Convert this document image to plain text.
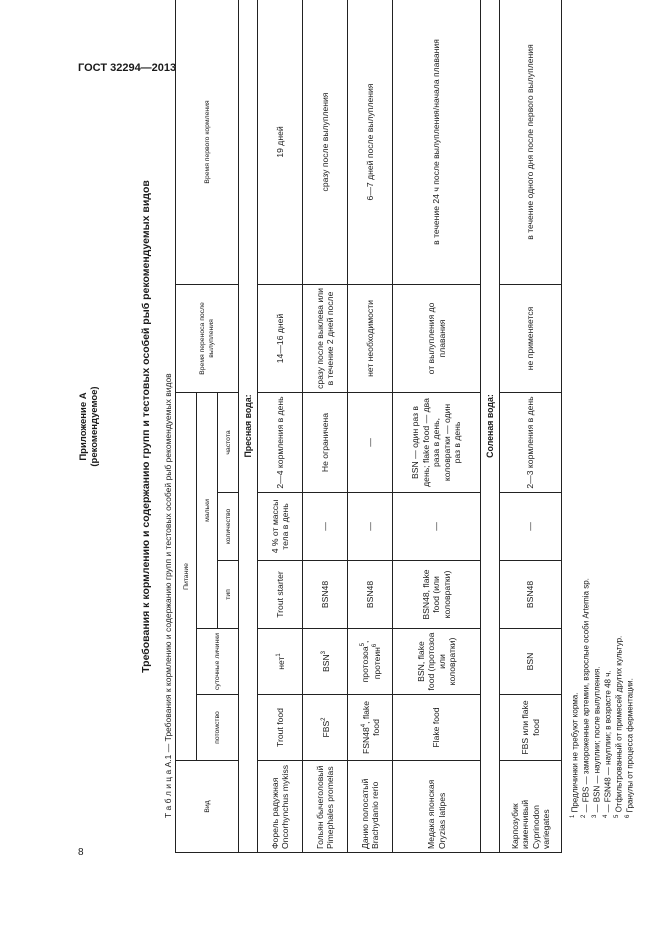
ГОСТ 32294—2013
Приложение А (рекомендуемое)	Требования к кормлению и содержанию групп и тестовых особей рыб рекомендуемых видов Т а б л и ц а А.1 — Требования к кормлению и содержанию групп и тестовых особей рыб рекомендуемых видов	Вид	Питание					Время переноса после вылупления	Время первого кормления
	потомство	суточные личинки	мальки				
			тип	количество	частота		
Пресная вода:							
Форель радужная Oncorhynchus mykiss	Trout food	нет$^1$	Trout starter	4 % от массы тела в день	2—4 кормления в день	14—16 дней	19 дней
Гольян бычеголовый Pimephales promelas	FBS$^2$	BSN$^3$	BSN48	—	Не ограничена	сразу после выклева или в течение 2 дней после	сразу после вылупления
Данио полосатый Brachydanio rerio	$FSN48^4$, flake food	протозоа$^5$, протеин$^6$	BSN48	—	—	нет необходимости	6—7 дней после вылупления
Медака японская Oryzias latipes	Flake food	BSN, flake food (протозоа или коловратки)	BSN48, flake food (или коловратки)	—	BSN — один раз в день; flake food — два раза в день, коловратки — один раз в день	от вылупления до плавания	в течение 24 ч после вылупления/начала плавания
Соленая вода:							
Карпозубик изменчивый Cyprinodon variegates	FBS или flake food	BSN	BSN48	—	2—3 кормления в день	не применяется	в течение одного дня после первого вылупления
$^1$ Предличинки не требуют корма.
$^2$ — FBS — замороженные артемии, взрослые особи Artemia sp.
$^3$ — BSN — науплии; после вылупления.
$^4$ — FSN48 — науплии; в возрасте 48 ч.
$^5$ Отфильтрованный от примесей других культур.
$^6$ Гранулы от процесса ферментации.
8
